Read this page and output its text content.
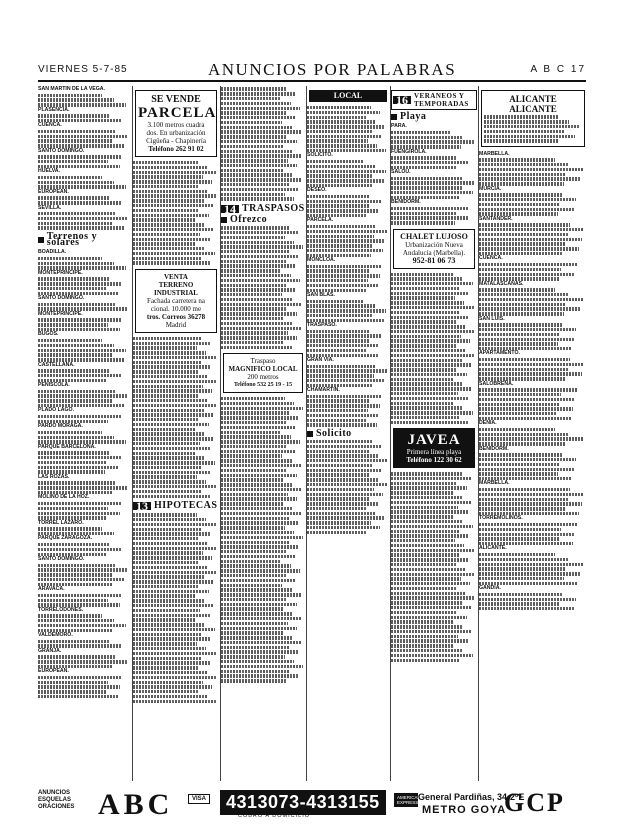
VIERNES 5-7-85	ANUNCIOS POR PALABRAS	A B C 17
SAN MARTIN DE LA VEGA.
PLASENCIA.
CUENCA.
SANTO DOMINGO.
HUELVA.
EUROPEAN.
SEVILLA.
Terrenos y solares
BOADILLA.
MONTEPRINCIPE.
SANTO DOMINGO.
MONTEPRINCIPE.
BUGOS.
CASTELLANA.
PENISCOLA.
PLADO LAGO.
PARDO MORAGA.
PARQUE BARCELONA.
LAS ROZAS.
MOLINO DE LA HOZ.
TORREL LAZARO.
PARQUE ZARAGOZA.
SANTO DOMINGO.
ARAVACA.
TORRELODONES.
VALDEMORO.
GRANJA.
EUROPEAN.
SE VENDE
PARCELA
3.100 metros cuadra
dos. En urbanización
Cigüeña - Chapinería
Teléfono 262 91 02
VENTA
TERRENO INDUSTRIAL
Fachada carretera na
cional. 10.000 me
tros. Correos 36278
Madrid
13 HIPOTECAS
14 TRASPASOS
Ofrezco
Traspaso
MAGNIFICO LOCAL
200 metros
Teléfono 532 25 19 - 15
LOCAL
SOLICITO.
DESEO.
PARCELA.
MONCLOA.
SAN BLAS.
TRASPASO.
GRAN VIA.
CHAMARTIN.
Solicito
16 VERANEOS Y TEMPORADAS
Playa
PARA.
FUENGIROLA.
SALOU.
BENIDORM.
CHALET LUJOSO
Urbanización Nueva
Andalucía (Marbella).
952-81 06 73
JAVEA
Primera línea playa
Teléfono 122 30 62
ALICANTE
ALICANTE
MARBELLA.
MURCIA.
SANTANDER.
CUENCA.
MATALASCAÑAS.
SAN LUIS.
APARTAMENTO.
SALOBREÑA.
DENIA.
BENIDORM.
MARBELLA.
TORREMOLINOS.
ALICANTE.
GANDIA.
ANUNCIOS ESQUELAS ORACIONES ABC	VISA	4313073-4313155
COBRO A DOMICILIO
AMERICAN EXPRESS
General Pardiñas, 34-2ºE
METRO GOYA
GCP
